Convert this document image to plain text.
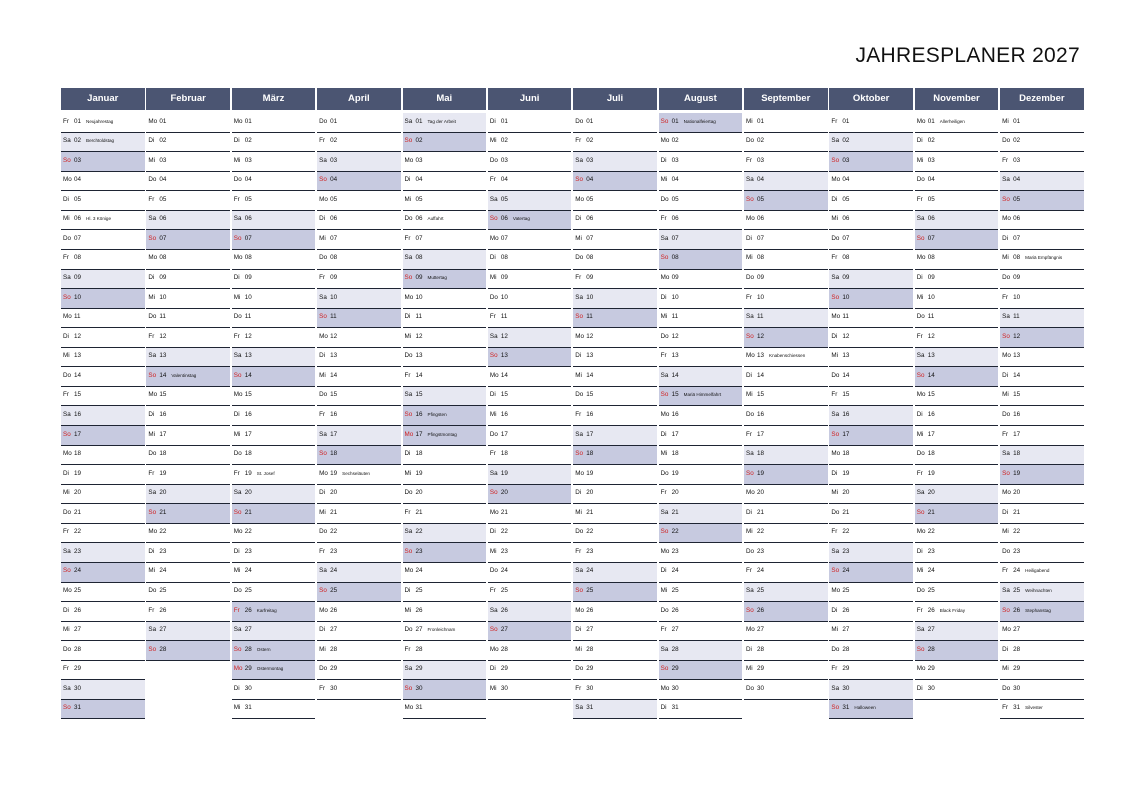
JAHRESPLANER 2027
Januar
Fr 01 Neujahrestag
Sa 02 Berchtoldstag
So 03
Mo 04
Di 05
Mi 06 Hl. 3 Könige
Do 07
Fr 08
Sa 09
So 10
Mo 11
Di 12
Mi 13
Do 14
Fr 15
Sa 16
So 17
Mo 18
Di 19
Mi 20
Do 21
Fr 22
Sa 23
So 24
Mo 25
Di 26
Mi 27
Do 28
Fr 29
Sa 30
So 31
Februar
Mo 01
Di 02
Mi 03
Do 04
Fr 05
Sa 06
So 07
Mo 08
Di 09
Mi 10
Do 11
Fr 12
Sa 13
So 14 Valentinstag
Mo 15
Di 16
Mi 17
Do 18
Fr 19
Sa 20
So 21
Mo 22
Di 23
Mi 24
Do 25
Fr 26
Sa 27
So 28
März
Mo 01
Di 02
Mi 03
Do 04
Fr 05
Sa 06
So 07
Mo 08
Di 09
Mi 10
Do 11
Fr 12
Sa 13
So 14
Mo 15
Di 16
Mi 17
Do 18
Fr 19 St. Josef
Sa 20
So 21
Mo 22
Di 23
Mi 24
Do 25
Fr 26 Karfreitag
Sa 27
So 28 Ostern
Mo 29 Ostermontag
Di 30
Mi 31
April
Do 01
Fr 02
Sa 03
So 04
Mo 05
Di 06
Mi 07
Do 08
Fr 09
Sa 10
So 11
Mo 12
Di 13
Mi 14
Do 15
Fr 16
Sa 17
So 18
Mo 19 Sechseläuten
Di 20
Mi 21
Do 22
Fr 23
Sa 24
So 25
Mo 26
Di 27
Mi 28
Do 29
Fr 30
Mai
Sa 01 Tag der Arbeit
So 02
Mo 03
Di 04
Mi 05
Do 06 Auffahrt
Fr 07
Sa 08
So 09 Muttertag
Mo 10
Di 11
Mi 12
Do 13
Fr 14
Sa 15
So 16 Pfingsten
Mo 17 Pfingstmontag
Di 18
Mi 19
Do 20
Fr 21
Sa 22
So 23
Mo 24
Di 25
Mi 26
Do 27 Fronleichnam
Fr 28
Sa 29
So 30
Mo 31
Juni
Di 01
Mi 02
Do 03
Fr 04
Sa 05
So 06 Vatertag
Mo 07
Di 08
Mi 09
Do 10
Fr 11
Sa 12
So 13
Mo 14
Di 15
Mi 16
Do 17
Fr 18
Sa 19
So 20
Mo 21
Di 22
Mi 23
Do 24
Fr 25
Sa 26
So 27
Mo 28
Di 29
Mi 30
Juli
Do 01
Fr 02
Sa 03
So 04
Mo 05
Di 06
Mi 07
Do 08
Fr 09
Sa 10
So 11
Mo 12
Di 13
Mi 14
Do 15
Fr 16
Sa 17
So 18
Mo 19
Di 20
Mi 21
Do 22
Fr 23
Sa 24
So 25
Mo 26
Di 27
Mi 28
Do 29
Fr 30
Sa 31
August
So 01 Nationalfeiertag
Mo 02
Di 03
Mi 04
Do 05
Fr 06
Sa 07
So 08
Mo 09
Di 10
Mi 11
Do 12
Fr 13
Sa 14
So 15 Mariä Himmelfahrt
Mo 16
Di 17
Mi 18
Do 19
Fr 20
Sa 21
So 22
Mo 23
Di 24
Mi 25
Do 26
Fr 27
Sa 28
So 29
Mo 30
Di 31
September
Mi 01
Do 02
Fr 03
Sa 04
So 05
Mo 06
Di 07
Mi 08
Do 09
Fr 10
Sa 11
So 12
Mo 13 Knabenschiessen
Di 14
Mi 15
Do 16
Fr 17
Sa 18
So 19
Mo 20
Di 21
Mi 22
Do 23
Fr 24
Sa 25
So 26
Mo 27
Di 28
Mi 29
Do 30
Oktober
Fr 01
Sa 02
So 03
Mo 04
Di 05
Mi 06
Do 07
Fr 08
Sa 09
So 10
Mo 11
Di 12
Mi 13
Do 14
Fr 15
Sa 16
So 17
Mo 18
Di 19
Mi 20
Do 21
Fr 22
Sa 23
So 24
Mo 25
Di 26
Mi 27
Do 28
Fr 29
Sa 30
So 31 Halloween
November
Mo 01 Allerheiligen
Di 02
Mi 03
Do 04
Fr 05
Sa 06
So 07
Mo 08
Di 09
Mi 10
Do 11
Fr 12
Sa 13
So 14
Mo 15
Di 16
Mi 17
Do 18
Fr 19
Sa 20
So 21
Mo 22
Di 23
Mi 24
Do 25
Fr 26 Black Friday
Sa 27
So 28
Mo 29
Di 30
Dezember
Mi 01
Do 02
Fr 03
Sa 04
So 05
Mo 06
Di 07
Mi 08 Mariä Empfängnis
Do 09
Fr 10
Sa 11
So 12
Mo 13
Di 14
Mi 15
Do 16
Fr 17
Sa 18
So 19
Mo 20
Di 21
Mi 22
Do 23
Fr 24 Heiligabend
Sa 25 Weihnachten
So 26 Stephanstag
Mo 27
Di 28
Mi 29
Do 30
Fr 31 Silvester
